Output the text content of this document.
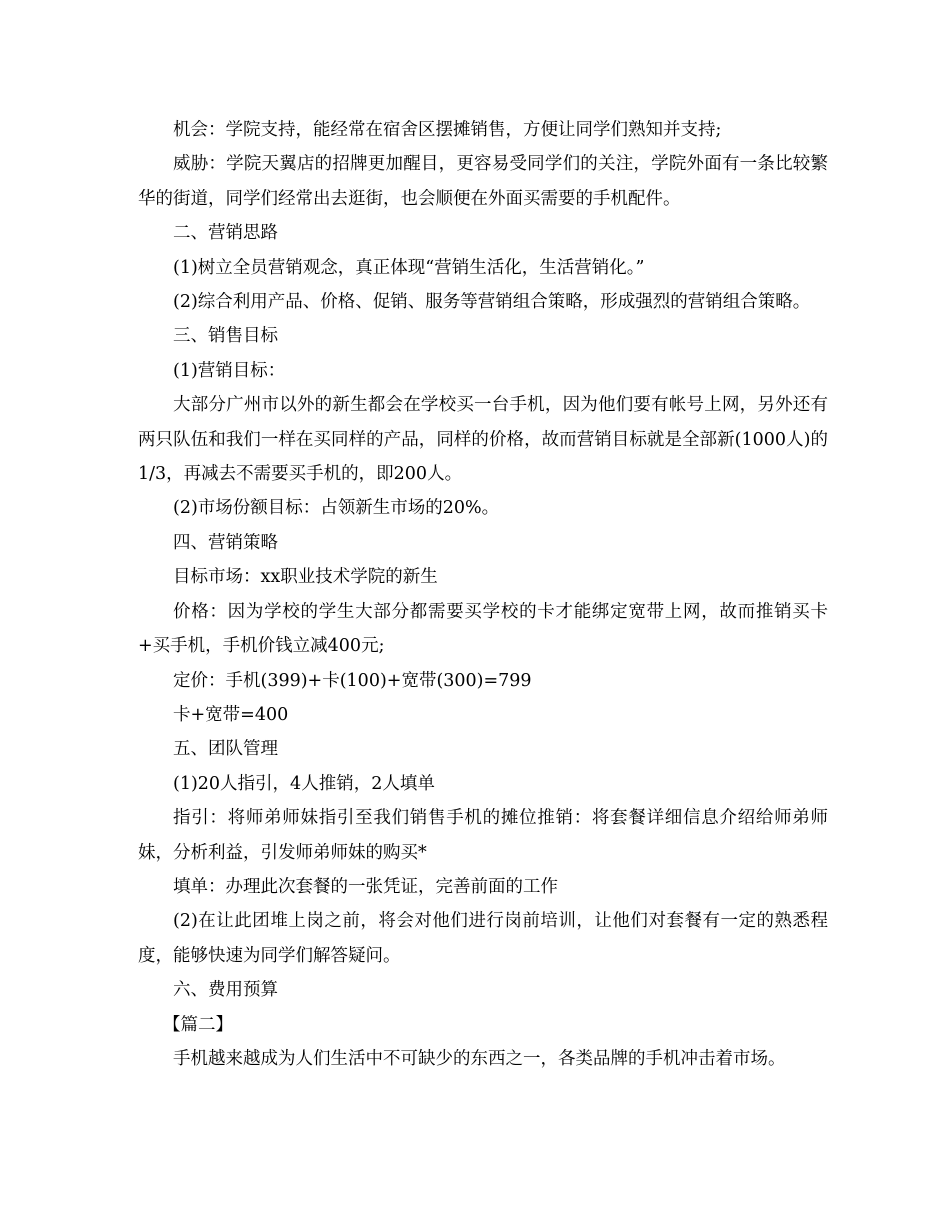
机会：学院支持，能经常在宿舍区摆摊销售，方便让同学们熟知并支持;

威胁：学院天翼店的招牌更加醒目，更容易受同学们的关注，学院外面有一条比较繁华的街道，同学们经常出去逛街，也会顺便在外面买需要的手机配件。

二、营销思路

(1)树立全员营销观念，真正体现“营销生活化，生活营销化。”

(2)综合利用产品、价格、促销、服务等营销组合策略，形成强烈的营销组合策略。

三、销售目标

(1)营销目标：

大部分广州市以外的新生都会在学校买一台手机，因为他们要有帐号上网，另外还有两只队伍和我们一样在买同样的产品，同样的价格，故而营销目标就是全部新(1000人)的1/3，再减去不需要买手机的，即200人。

(2)市场份额目标：占领新生市场的20%。

四、营销策略

目标市场：xx职业技术学院的新生

价格：因为学校的学生大部分都需要买学校的卡才能绑定宽带上网，故而推销买卡+买手机，手机价钱立减400元;

定价：手机(399)+卡(100)+宽带(300)=799

卡+宽带=400

五、团队管理

(1)20人指引，4人推销，2人填单

指引：将师弟师妹指引至我们销售手机的摊位推销：将套餐详细信息介绍给师弟师妹，分析利益，引发师弟师妹的购买*

填单：办理此次套餐的一张凭证，完善前面的工作

(2)在让此团堆上岗之前，将会对他们进行岗前培训，让他们对套餐有一定的熟悉程度，能够快速为同学们解答疑问。

六、费用预算

【篇二】

手机越来越成为人们生活中不可缺少的东西之一，各类品牌的手机冲击着市场。
